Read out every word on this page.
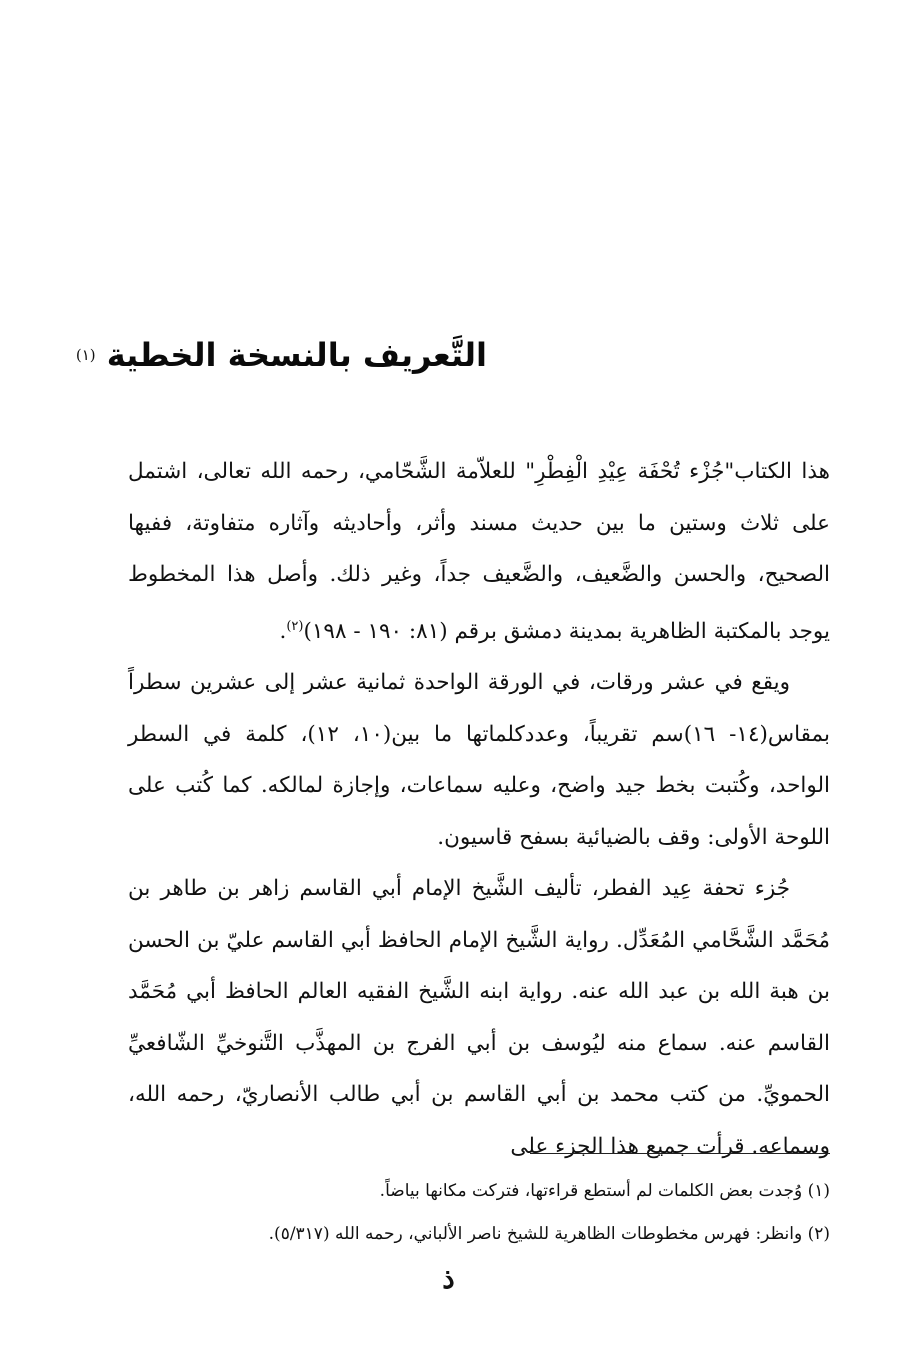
التَّعريف بالنسخة الخطية (١)

هذا الكتاب"جُزْء تُحْفَة عِيْدِ الْفِطْرِ" للعلاّمة الشَّحّامي، رحمه الله تعالى، اشتمل على ثلاث وستين ما بين حديث مسند وأثر، وأحاديثه وآثاره متفاوتة، ففيها الصحيح، والحسن والضَّعيف، والضَّعيف جداً، وغير ذلك. وأصل هذا المخطوط يوجد بالمكتبة الظاهرية بمدينة دمشق برقم (٨١: ١٩٠ - ١٩٨)$^{(٢)}$.

ويقع في عشر ورقات، في الورقة الواحدة ثمانية عشر إلى عشرين سطراً بمقاس(١٤- ١٦)سم تقريباً، وعددكلماتها ما بين(١٠، ١٢)، كلمة في السطر الواحد، وكُتبت بخط جيد واضح، وعليه سماعات، وإجازة لمالكه. كما كُتب على اللوحة الأولى: وقف بالضيائية بسفح قاسيون.

جُزء تحفة عِيد الفطر، تأليف الشَّيخ الإمام أبي القاسم زاهر بن طاهر بن مُحَمَّد الشَّحَّامي المُعَدِّل. رواية الشَّيخ الإمام الحافظ أبي القاسم عليّ بن الحسن بن هبة الله بن عبد الله عنه. رواية ابنه الشَّيخ الفقيه العالم الحافظ أبي مُحَمَّد القاسم عنه. سماع منه ليُوسف بن أبي الفرج بن المهذَّب التَّنوخيِّ الشّافعيِّ الحمويِّ. من كتب محمد بن أبي القاسم بن أبي طالب الأنصاريّ، رحمه الله، وسماعه. قرأت جميع هذا الجزء على

(١) وُجدت بعض الكلمات لم أستطع قراءتها، فتركت مكانها بياضاً.
(٢) وانظر: فهرس مخطوطات الظاهرية للشيخ ناصر الألباني، رحمه الله (٥/٣١٧).
ذ
